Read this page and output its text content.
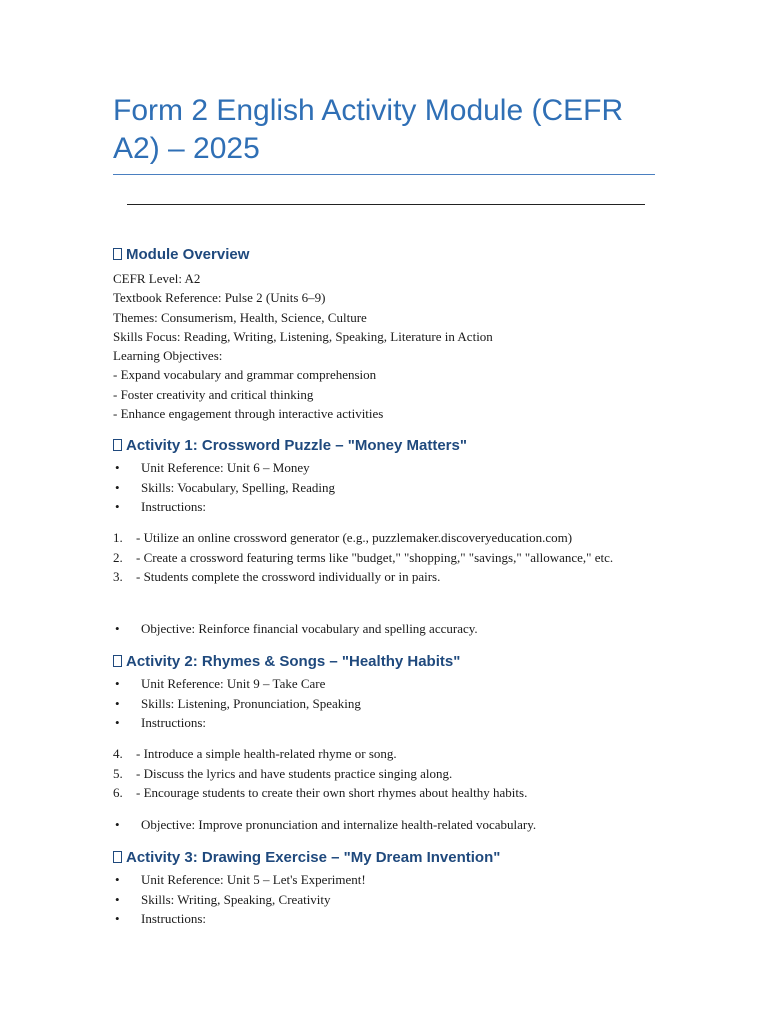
Form 2 English Activity Module (CEFR A2) – 2025
Module Overview
CEFR Level: A2
Textbook Reference: Pulse 2 (Units 6–9)
Themes: Consumerism, Health, Science, Culture
Skills Focus: Reading, Writing, Listening, Speaking, Literature in Action
Learning Objectives:
- Expand vocabulary and grammar comprehension
- Foster creativity and critical thinking
- Enhance engagement through interactive activities
Activity 1: Crossword Puzzle – "Money Matters"
• Unit Reference: Unit 6 – Money
• Skills: Vocabulary, Spelling, Reading
• Instructions:
1. - Utilize an online crossword generator (e.g., puzzlemaker.discoveryeducation.com)
2. - Create a crossword featuring terms like "budget," "shopping," "savings," "allowance," etc.
3. - Students complete the crossword individually or in pairs.
• Objective: Reinforce financial vocabulary and spelling accuracy.
Activity 2: Rhymes & Songs – "Healthy Habits"
• Unit Reference: Unit 9 – Take Care
• Skills: Listening, Pronunciation, Speaking
• Instructions:
4. - Introduce a simple health-related rhyme or song.
5. - Discuss the lyrics and have students practice singing along.
6. - Encourage students to create their own short rhymes about healthy habits.
• Objective: Improve pronunciation and internalize health-related vocabulary.
Activity 3: Drawing Exercise – "My Dream Invention"
• Unit Reference: Unit 5 – Let's Experiment!
• Skills: Writing, Speaking, Creativity
• Instructions:
